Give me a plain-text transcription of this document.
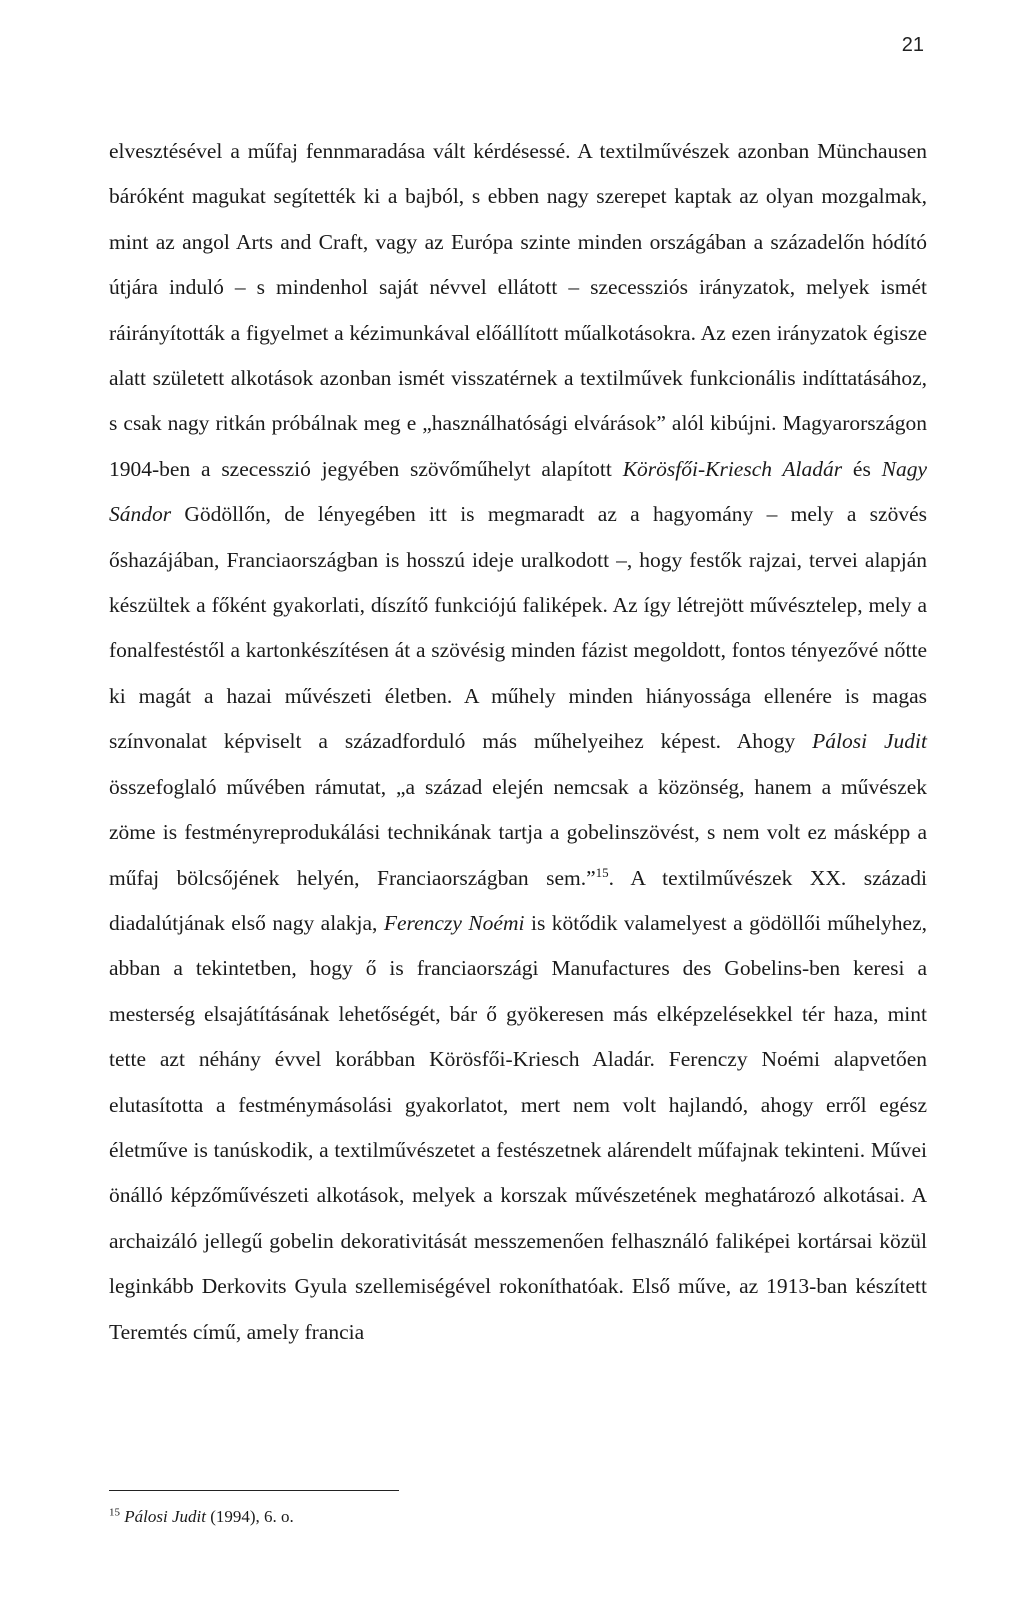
21

elvesztésével a műfaj fennmaradása vált kérdésessé. A textilművészek azonban Münchausen báróként magukat segítették ki a bajból, s ebben nagy szerepet kaptak az olyan mozgalmak, mint az angol Arts and Craft, vagy az Európa szinte minden országában a századelőn hódító útjára induló – s mindenhol saját névvel ellátott – szecessziós irányzatok, melyek ismét ráirányították a figyelmet a kézimunkával előállított műalkotásokra. Az ezen irányzatok égisze alatt született alkotások azonban ismét visszatérnek a textilművek funkcionális indíttatásához, s csak nagy ritkán próbálnak meg e „használhatósági elvárások” alól kibújni. Magyarországon 1904-ben a szecesszió jegyében szövőműhelyt alapított Körösfői-Kriesch Aladár és Nagy Sándor Gödöllőn, de lényegében itt is megmaradt az a hagyomány – mely a szövés őshazájában, Franciaországban is hosszú ideje uralkodott –, hogy festők rajzai, tervei alapján készültek a főként gyakorlati, díszítő funkciójú faliképek. Az így létrejött művésztelep, mely a fonalfestéstől a kartonkészítésen át a szövésig minden fázist megoldott, fontos tényezővé nőtte ki magát a hazai művészeti életben. A műhely minden hiányossága ellenére is magas színvonalat képviselt a századforduló más műhelyeihez képest. Ahogy Pálosi Judit összefoglaló művében rámutat, „a század elején nemcsak a közönség, hanem a művészek zöme is festményreprodukálási technikának tartja a gobelinszövést, s nem volt ez másképp a műfaj bölcsőjének helyén, Franciaországban sem.”$^{15}$. A textilművészek XX. századi diadalútjának első nagy alakja, Ferenczy Noémi is kötődik valamelyest a gödöllői műhelyhez, abban a tekintetben, hogy ő is franciaországi Manufactures des Gobelins-ben keresi a mesterség elsajátításának lehetőségét, bár ő gyökeresen más elképzelésekkel tér haza, mint tette azt néhány évvel korábban Körösfői-Kriesch Aladár. Ferenczy Noémi alapvetően elutasította a festménymásolási gyakorlatot, mert nem volt hajlandó, ahogy erről egész életműve is tanúskodik, a textilművészetet a festészetnek alárendelt műfajnak tekinteni. Művei önálló képzőművészeti alkotások, melyek a korszak művészetének meghatározó alkotásai. A archaizáló jellegű gobelin dekorativitását messzemenően felhasználó faliképei kortársai közül leginkább Derkovits Gyula szellemiségével rokoníthatóak. Első műve, az 1913-ban készített Teremtés című, amely francia

$^{15}$ Pálosi Judit (1994), 6. o.
